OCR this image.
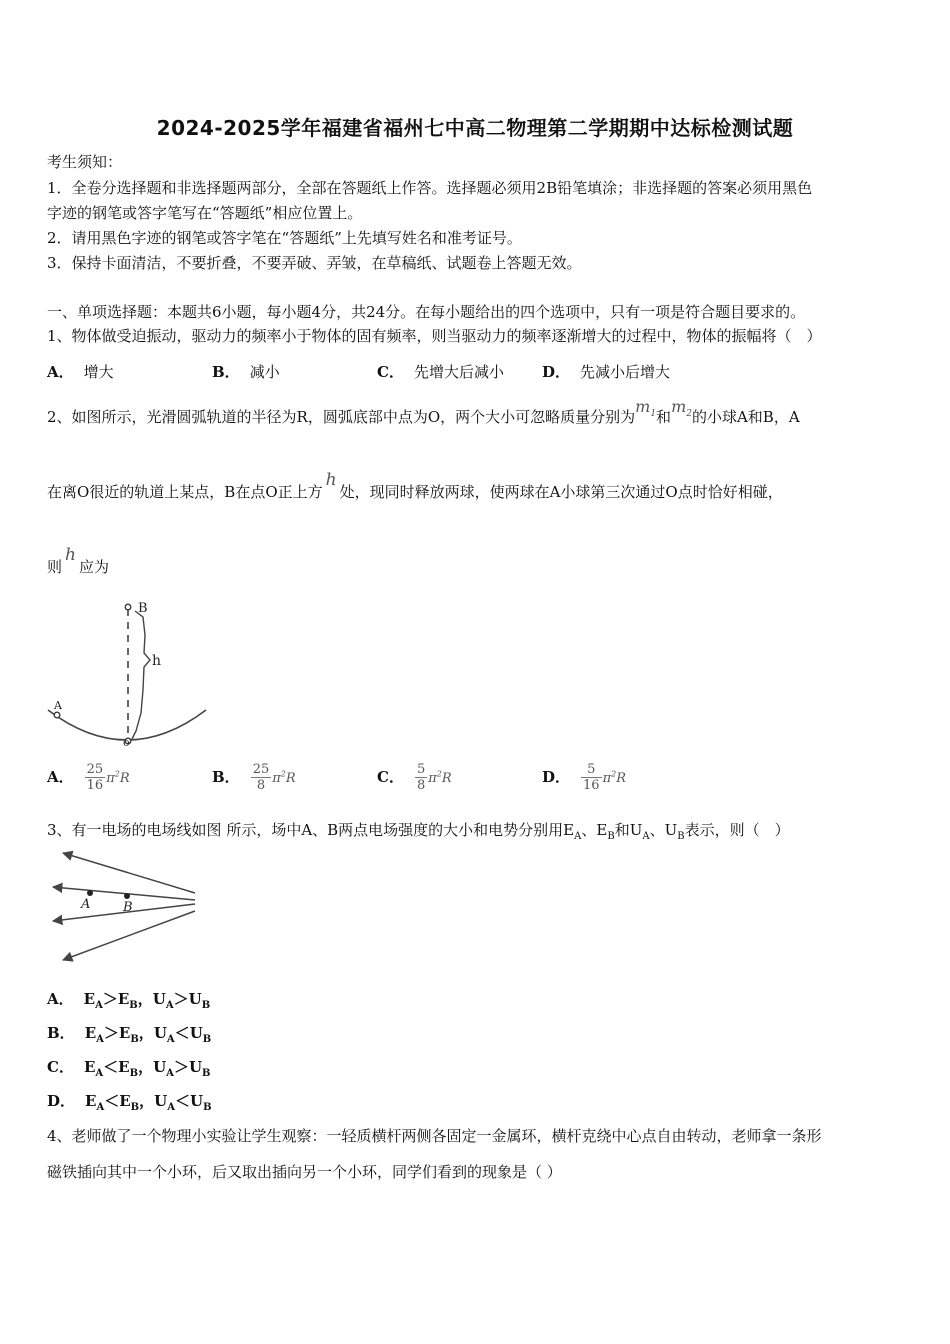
2024-2025学年福建省福州七中高二物理第二学期期中达标检测试题
考生须知：
1．全卷分选择题和非选择题两部分，全部在答题纸上作答。选择题必须用2B铅笔填涂；非选择题的答案必须用黑色
字迹的钢笔或答字笔写在“答题纸”相应位置上。
2．请用黑色字迹的钢笔或答字笔在“答题纸”上先填写姓名和准考证号。
3．保持卡面清洁，不要折叠，不要弄破、弄皱，在草稿纸、试题卷上答题无效。
一、单项选择题：本题共6小题，每小题4分，共24分。在每小题给出的四个选项中，只有一项是符合题目要求的。
1、物体做受迫振动，驱动力的频率小于物体的固有频率，则当驱动力的频率逐渐增大的过程中，物体的振幅将（　）
A． 增大	B． 减小	C． 先增大后减小	D． 先减小后增大
2、如图所示，光滑圆弧轨道的半径为R，圆弧底部中点为O，两个大小可忽略质量分别为$m_1$和$m_2$的小球A和B，A
在离O很近的轨道上某点，B在点O正上方h处，现同时释放两球，使两球在A小球第三次通过O点时恰好相碰，
则h应为
B
h
A
o
A． $\frac{25}{16} \pi^2R$	B． $\frac{25}{8} \pi^2R$	C． $\frac{5}{8} \pi^2R$	D． $\frac{5}{16} \pi^2R$
3、有一电场的电场线如图 所示，场中A、B两点电场强度的大小和电势分别用$E_A$、$E_B$和$U_A$、$U_B$表示，则（　）
A	B
A． $E_A>E_B$，$U_A>U_B$
B． $E_A>E_B$，$U_A<U_B$
C． $E_A<E_B$，$U_A>U_B$
D． $E_A<E_B$，$U_A<U_B$
4、老师做了一个物理小实验让学生观察：一轻质横杆两侧各固定一金属环，横杆克绕中心点自由转动，老师拿一条形
磁铁插向其中一个小环，后又取出插向另一个小环，同学们看到的现象是（ ）
